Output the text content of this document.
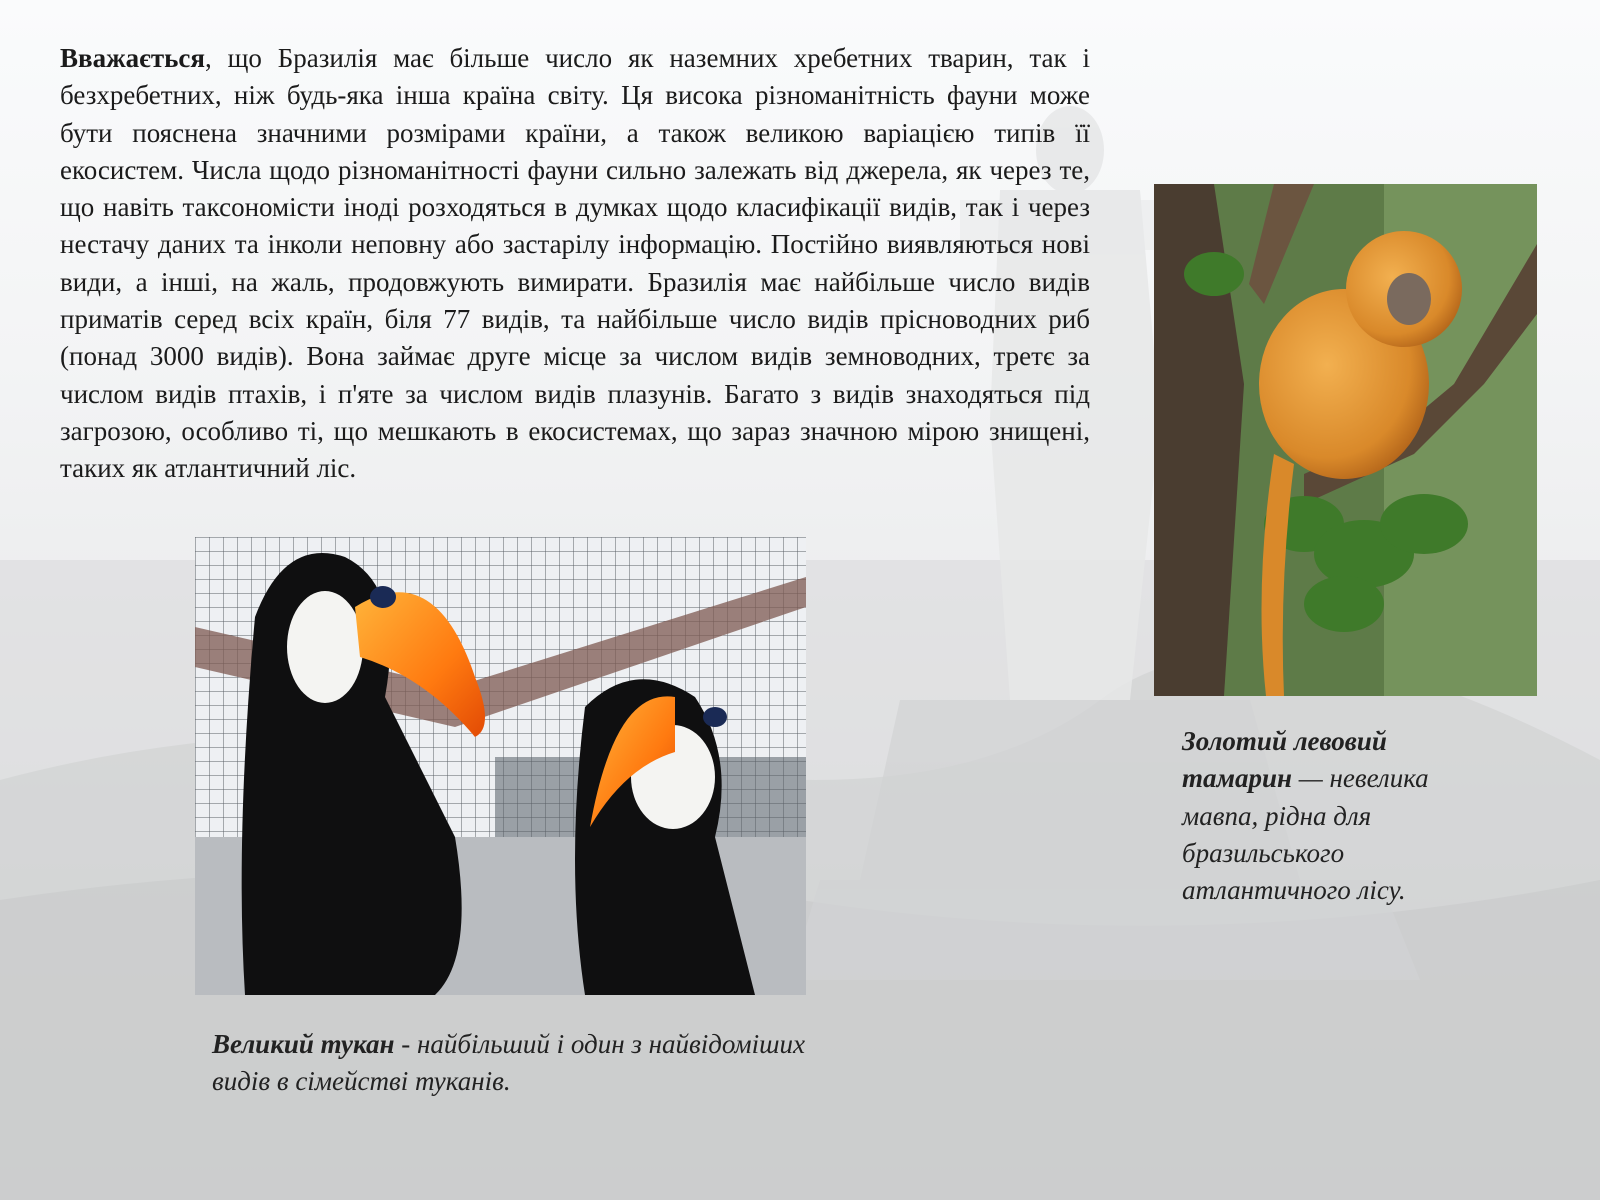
Вважається, що Бразилія має більше число як наземних хребетних тварин, так і безхребетних, ніж будь-яка інша країна світу. Ця висока різноманітність фауни може бути пояснена значними розмірами країни, а також великою варіацією типів її екосистем. Числа щодо різноманітності фауни сильно залежать від джерела, як через те, що навіть таксономісти іноді розходяться в думках щодо класифікації видів, так і через нестачу даних та інколи неповну або застарілу інформацію. Постійно виявляються нові види, а інші, на жаль, продовжують вимирати. Бразилія має найбільше число видів приматів серед всіх країн, біля 77 видів, та найбільше число видів прісноводних риб (понад 3000 видів). Вона займає друге місце за числом видів земноводних, третє за числом видів птахів, і п'яте за числом видів плазунів. Багато з видів знаходяться під загрозою, особливо ті, що мешкають в екосистемах, що зараз значною мірою знищені, таких як атлантичний ліс.
Великий тукан - найбільший і один з найвідоміших видів в сімействі туканів.
Золотий левовий тамарин — невелика мавпа, рідна для бразильського атлантичного лісу.
